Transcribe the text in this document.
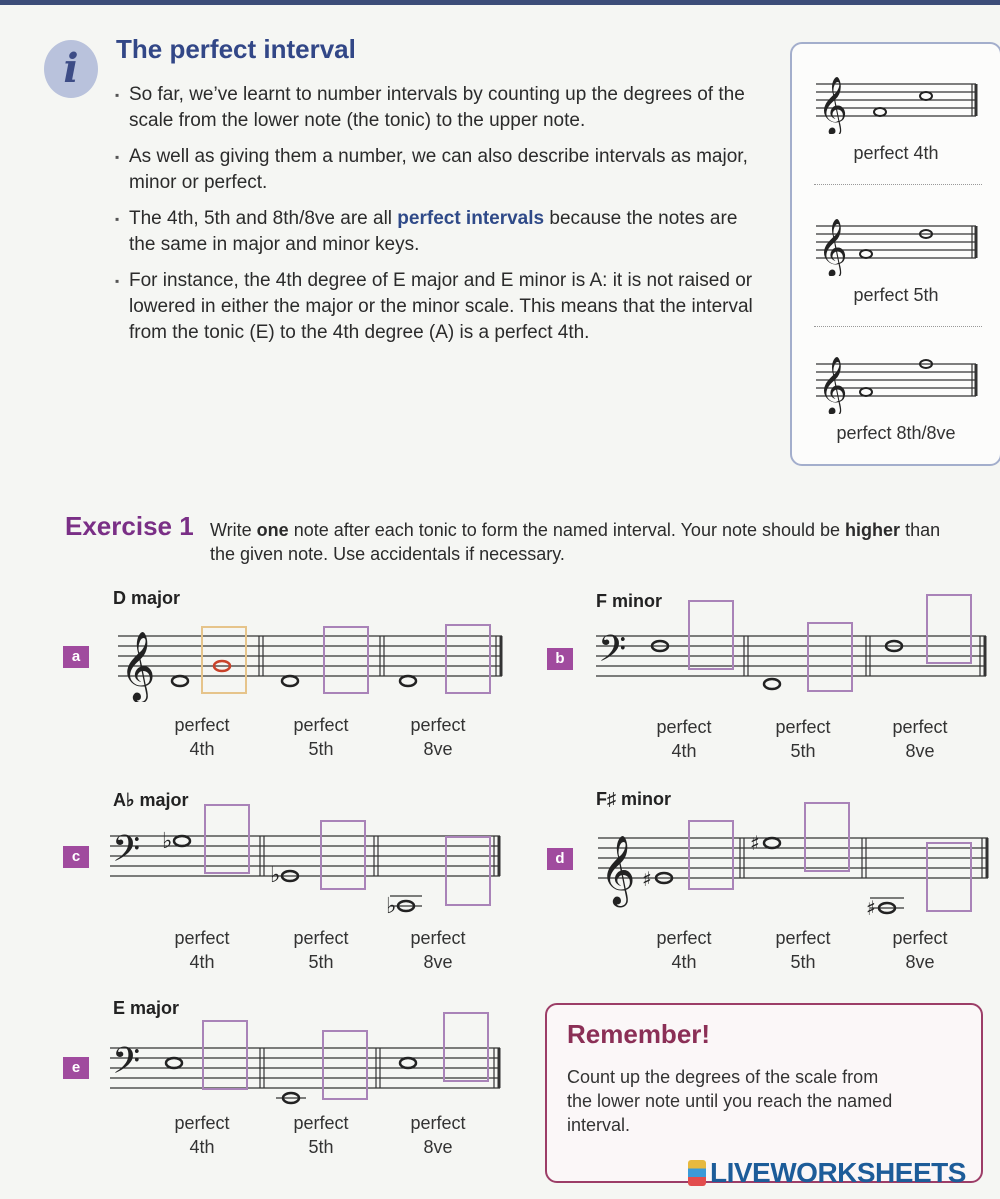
i	The perfect interval
▪ So far, we’ve learnt to number intervals by counting up the degrees of the scale from the lower note (the tonic) to the upper note.
▪ As well as giving them a number, we can also describe intervals as major, minor or perfect.
▪ The 4th, 5th and 8th/8ve are all perfect intervals because the notes are the same in major and minor keys.
▪ For instance, the 4th degree of E major and E minor is A: it is not raised or lowered in either the major or the minor scale. This means that the interval from the tonic (E) to the 4th degree (A) is a perfect 4th.
𝄞
perfect 4th
𝄞
perfect 5th
𝄞
perfect 8th/8ve
Exercise 1 Write one note after each tonic to form the named interval. Your note should be higher than the given note. Use accidentals if necessary.
D major
a 𝄞
perfect
4th
perfect
5th
perfect
8ve
F minor
b 𝄢
perfect
4th
perfect
5th
perfect
8ve
A♭ major
c 𝄢 ♭
♭
♭
perfect
4th
perfect
5th
perfect
8ve
F♯ minor
d 𝄞 ♯
♯
♯
perfect
4th
perfect
5th
perfect
8ve
E major
e 𝄢
perfect
4th
perfect
5th
perfect
8ve
Remember!
Count up the degrees of the scale from the lower note until you reach the named interval.
LIVEWORKSHEETS
